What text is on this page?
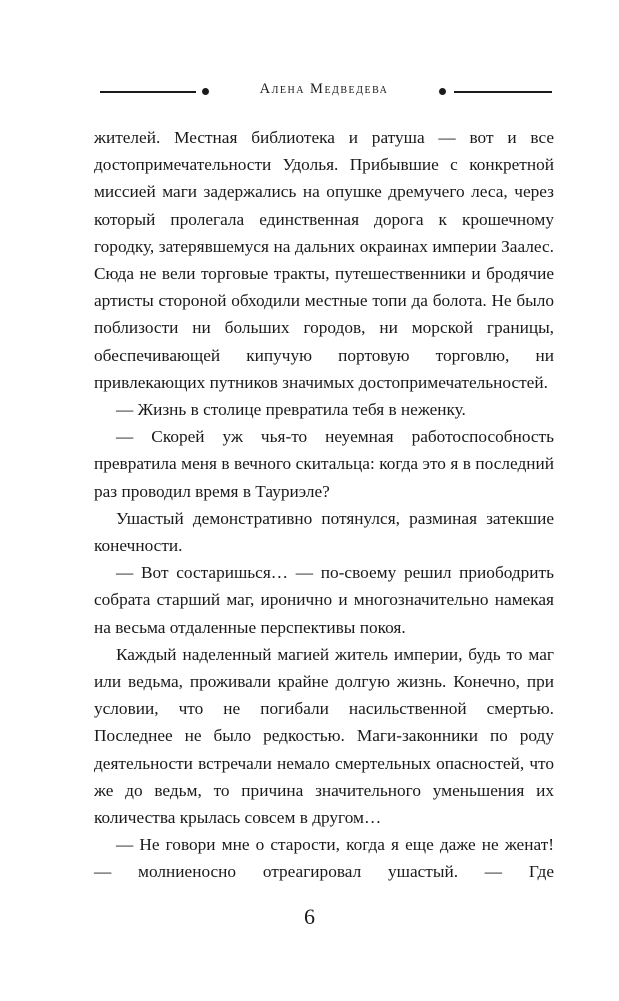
Алена Медведева

жителей. Местная библиотека и ратуша — вот и все достопримечательности Удолья. Прибывшие с конкретной миссией маги задержались на опушке дремучего леса, через который пролегала единственная дорога к крошечному городку, затерявшемуся на дальних окраинах империи Заалес. Сюда не вели торговые тракты, путешественники и бродячие артисты стороной обходили местные топи да болота. Не было поблизости ни больших городов, ни морской границы, обеспечивающей кипучую портовую торговлю, ни привлекающих путников значимых достопримечательностей.

— Жизнь в столице превратила тебя в неженку.

— Скорей уж чья-то неуемная работоспособность превратила меня в вечного скитальца: когда это я в последний раз проводил время в Тауриэле?

Ушастый демонстративно потянулся, разминая затекшие конечности.

— Вот состаришься… — по-своему решил приободрить собрата старший маг, иронично и многозначительно намекая на весьма отдаленные перспективы покоя.

Каждый наделенный магией житель империи, будь то маг или ведьма, проживали крайне долгую жизнь. Конечно, при условии, что не погибали насильственной смертью. Последнее не было редкостью. Маги-законники по роду деятельности встречали немало смертельных опасностей, что же до ведьм, то причина значительного уменьшения их количества крылась совсем в другом…

— Не говори мне о старости, когда я еще даже не женат! — молниеносно отреагировал ушастый. — Где

6
